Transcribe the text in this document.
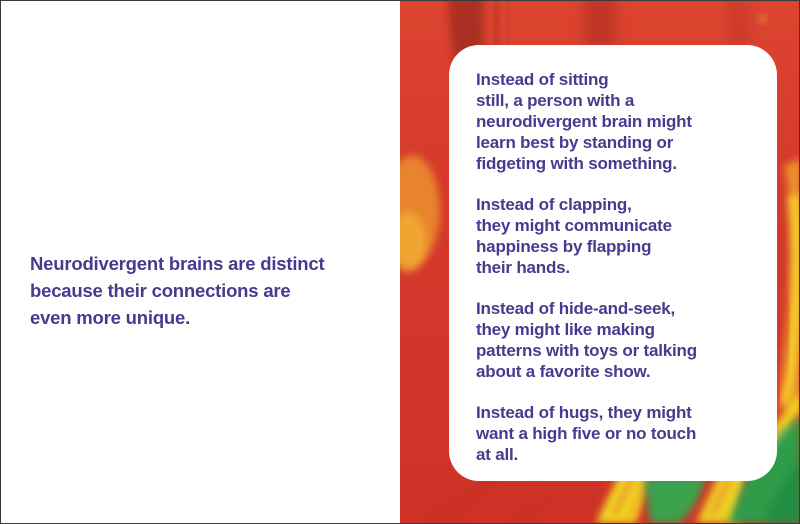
Neurodivergent brains are distinct
because their connections are
even more unique.
Instead of sitting
still, a person with a
neurodivergent brain might
learn best by standing or
fidgeting with something.
Instead of clapping,
they might communicate
happiness by flapping
their hands.
Instead of hide-and-seek,
they might like making
patterns with toys or talking
about a favorite show.
Instead of hugs, they might
want a high five or no touch
at all.
